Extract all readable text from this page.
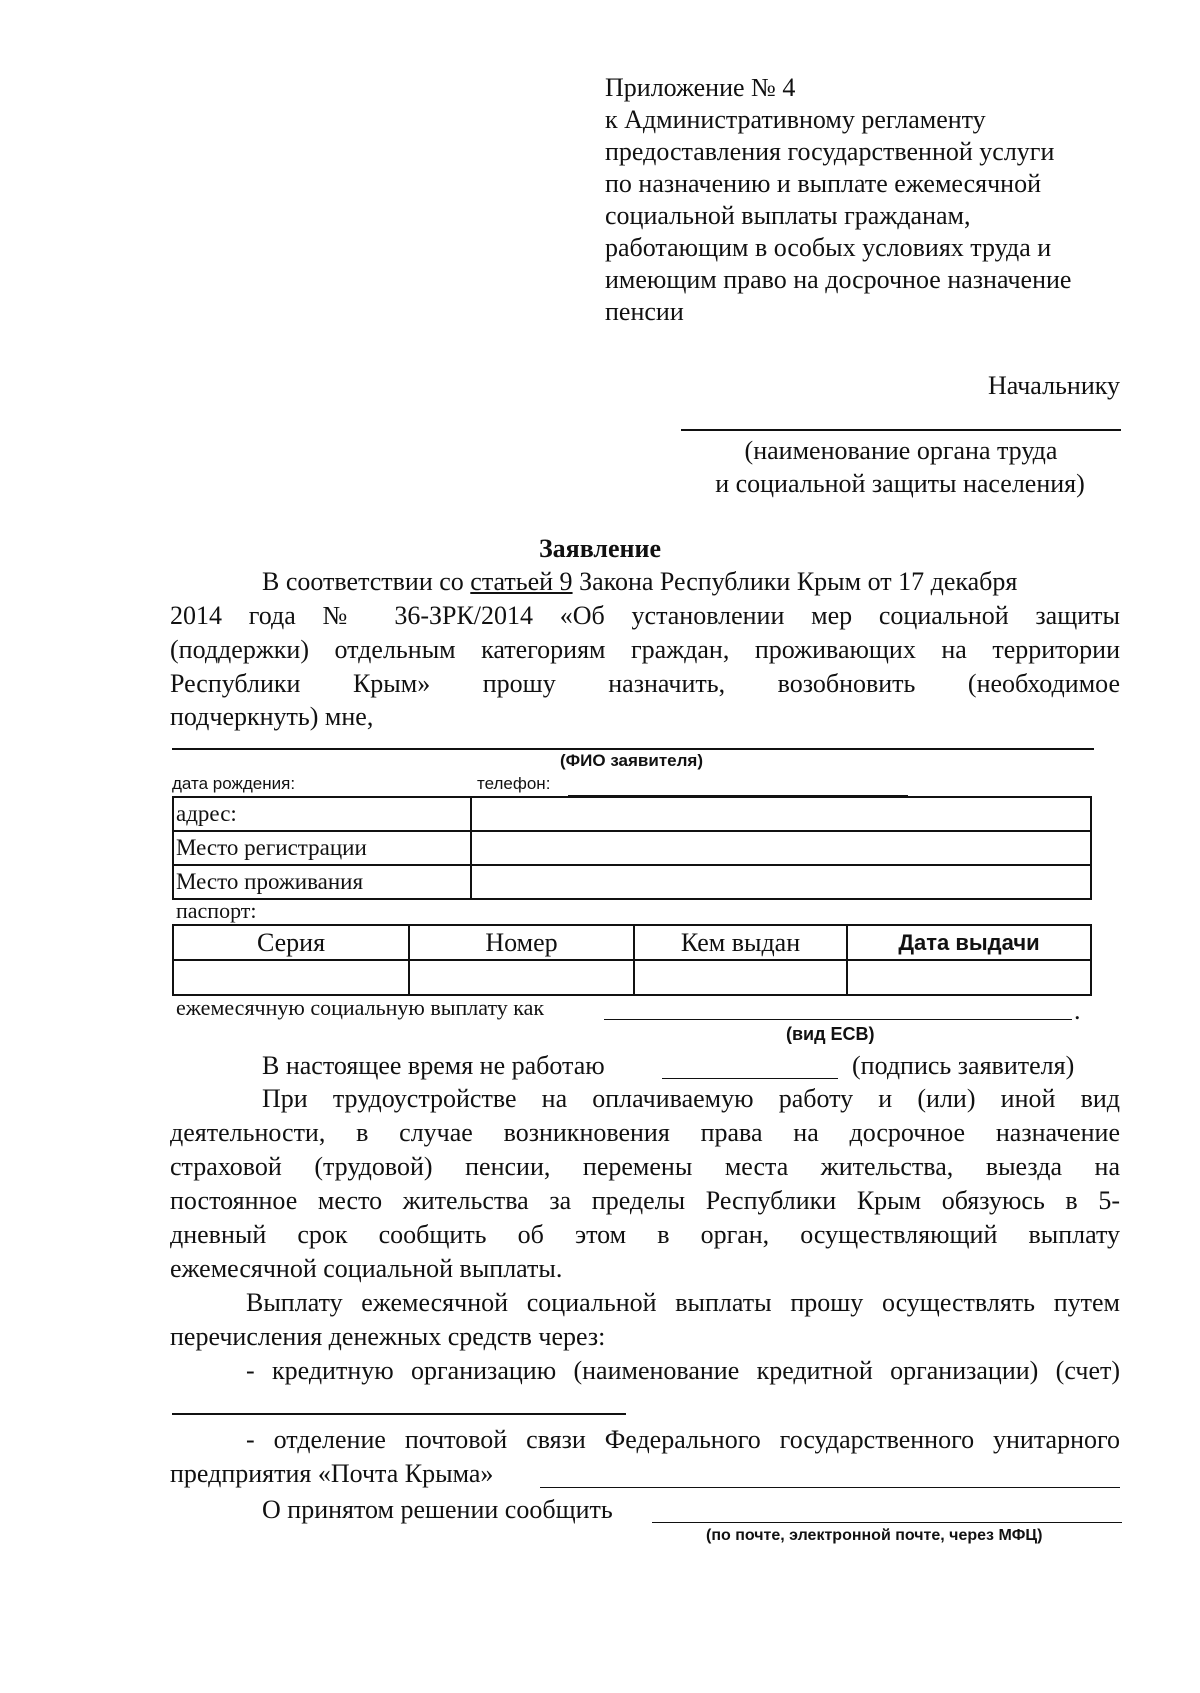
Приложение № 4
к Административному регламенту
предоставления государственной услуги
по назначению и выплате ежемесячной
социальной выплаты гражданам,
работающим в особых условиях труда и
имеющим право на досрочное назначение
пенсии
Начальнику
(наименование органа труда
и социальной защиты населения)
Заявление
В соответствии со статьей 9 Закона Республики Крым от 17 декабря
2014 года № 36-ЗРК/2014 «Об установлении мер социальной защиты
(поддержки) отдельным категориям граждан, проживающих на территории
Республики Крым» прошу назначить, возобновить (необходимое
подчеркнуть) мне,
(ФИО заявителя)
дата рождения:	телефон:
адрес:	
Место регистрации	
Место проживания	
паспорт:
Серия	Номер	Кем выдан	Дата выдачи

ежемесячную социальную выплату как	.
(вид ЕСВ)
В настоящее время не работаю	(подпись заявителя)
При трудоустройстве на оплачиваемую работу и (или) иной вид
деятельности, в случае возникновения права на досрочное назначение
страховой (трудовой) пенсии, перемены места жительства, выезда на
постоянное место жительства за пределы Республики Крым обязуюсь в 5-
дневный срок сообщить об этом в орган, осуществляющий выплату
ежемесячной социальной выплаты.
Выплату ежемесячной социальной выплаты прошу осуществлять путем
перечисления денежных средств через:
- кредитную организацию (наименование кредитной организации) (счет)
- отделение почтовой связи Федерального государственного унитарного
предприятия «Почта Крыма»
О принятом решении сообщить
(по почте, электронной почте, через МФЦ)
